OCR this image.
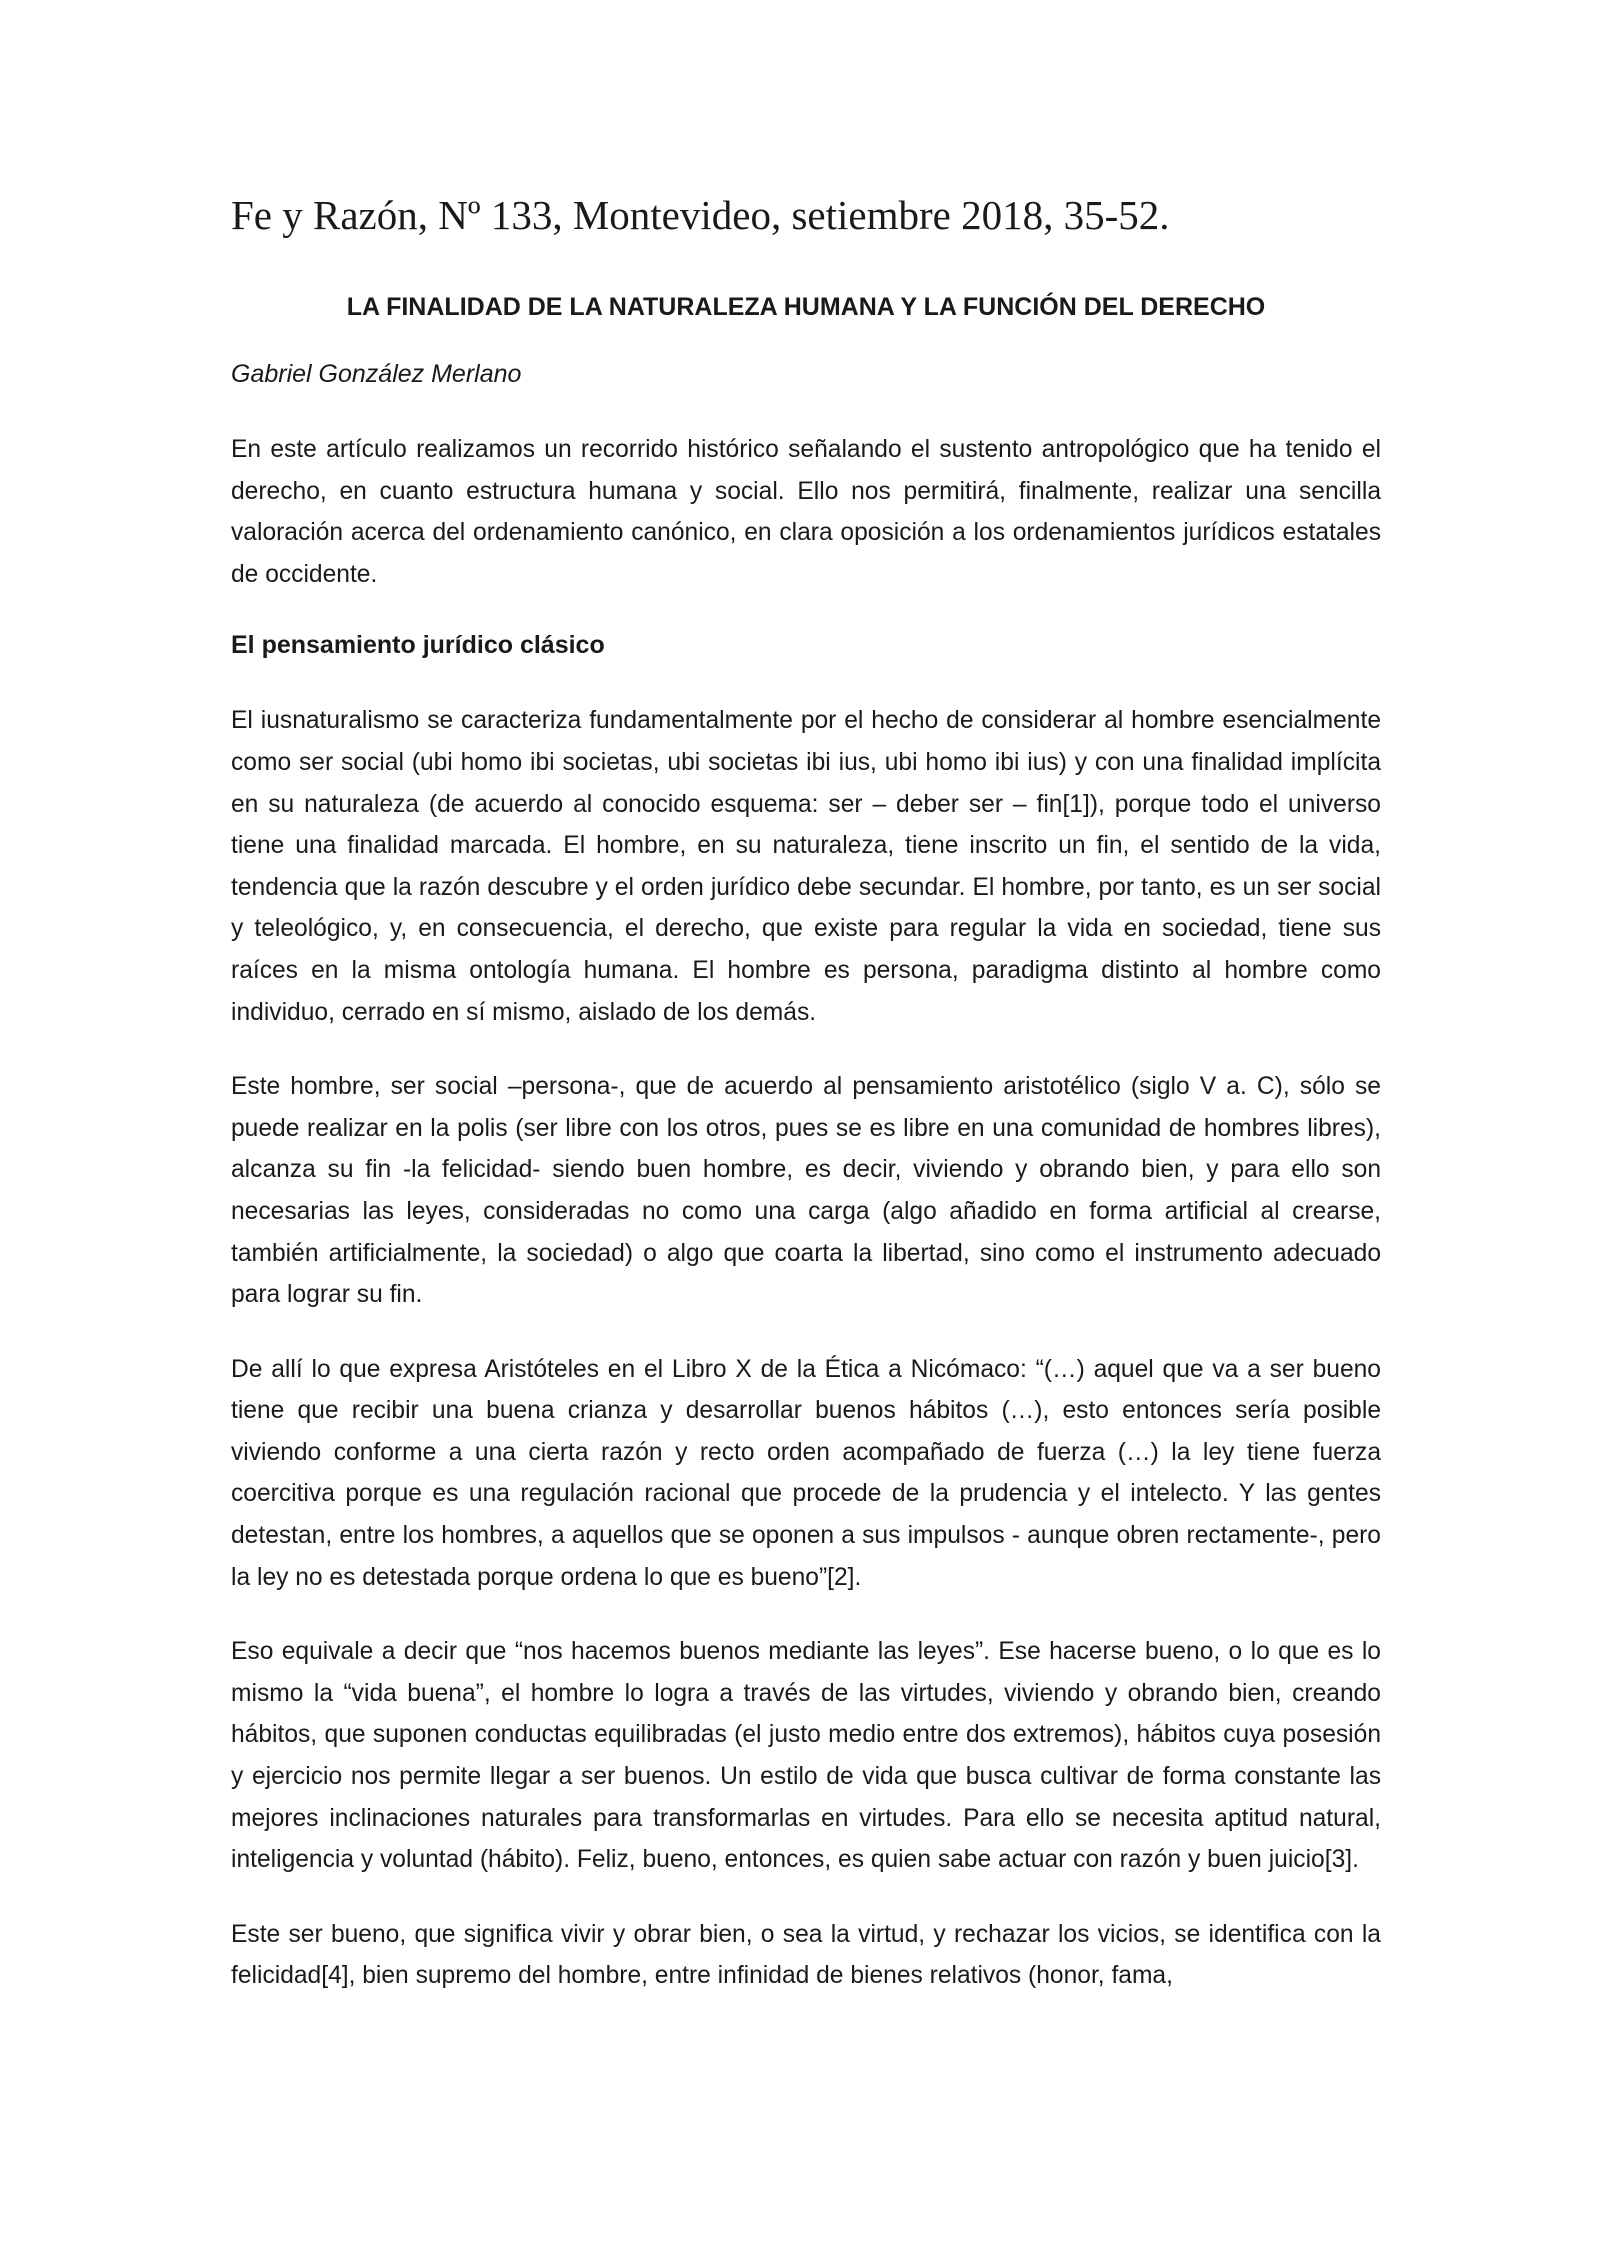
Fe y Razón, Nº 133, Montevideo, setiembre 2018, 35-52.
LA FINALIDAD DE LA NATURALEZA HUMANA Y LA FUNCIÓN DEL DERECHO
Gabriel González Merlano

En este artículo realizamos un recorrido histórico señalando el sustento antropológico que ha tenido el derecho, en cuanto estructura humana y social. Ello nos permitirá, finalmente, realizar una sencilla valoración acerca del ordenamiento canónico, en clara oposición a los ordenamientos jurídicos estatales de occidente.

El pensamiento jurídico clásico

El iusnaturalismo se caracteriza fundamentalmente por el hecho de considerar al hombre esencialmente como ser social (ubi homo ibi societas, ubi societas ibi ius, ubi homo ibi ius) y con una finalidad implícita en su naturaleza (de acuerdo al conocido esquema: ser – deber ser – fin[1]), porque todo el universo tiene una finalidad marcada. El hombre, en su naturaleza, tiene inscrito un fin, el sentido de la vida, tendencia que la razón descubre y el orden jurídico debe secundar. El hombre, por tanto, es un ser social y teleológico, y, en consecuencia, el derecho, que existe para regular la vida en sociedad, tiene sus raíces en la misma ontología humana. El hombre es persona, paradigma distinto al hombre como individuo, cerrado en sí mismo, aislado de los demás.

Este hombre, ser social –persona-, que de acuerdo al pensamiento aristotélico (siglo V a. C), sólo se puede realizar en la polis (ser libre con los otros, pues se es libre en una comunidad de hombres libres), alcanza su fin -la felicidad- siendo buen hombre, es decir, viviendo y obrando bien, y para ello son necesarias las leyes, consideradas no como una carga (algo añadido en forma artificial al crearse, también artificialmente, la sociedad) o algo que coarta la libertad, sino como el instrumento adecuado para lograr su fin.

De allí lo que expresa Aristóteles en el Libro X de la Ética a Nicómaco: “(…) aquel que va a ser bueno tiene que recibir una buena crianza y desarrollar buenos hábitos (…), esto entonces sería posible viviendo conforme a una cierta razón y recto orden acompañado de fuerza (…) la ley tiene fuerza coercitiva porque es una regulación racional que procede de la prudencia y el intelecto. Y las gentes detestan, entre los hombres, a aquellos que se oponen a sus impulsos - aunque obren rectamente-, pero la ley no es detestada porque ordena lo que es bueno”[2].

Eso equivale a decir que “nos hacemos buenos mediante las leyes”. Ese hacerse bueno, o lo que es lo mismo la “vida buena”, el hombre lo logra a través de las virtudes, viviendo y obrando bien, creando hábitos, que suponen conductas equilibradas (el justo medio entre dos extremos), hábitos cuya posesión y ejercicio nos permite llegar a ser buenos. Un estilo de vida que busca cultivar de forma constante las mejores inclinaciones naturales para transformarlas en virtudes. Para ello se necesita aptitud natural, inteligencia y voluntad (hábito). Feliz, bueno, entonces, es quien sabe actuar con razón y buen juicio[3].

Este ser bueno, que significa vivir y obrar bien, o sea la virtud, y rechazar los vicios, se identifica con la felicidad[4], bien supremo del hombre, entre infinidad de bienes relativos (honor, fama,
